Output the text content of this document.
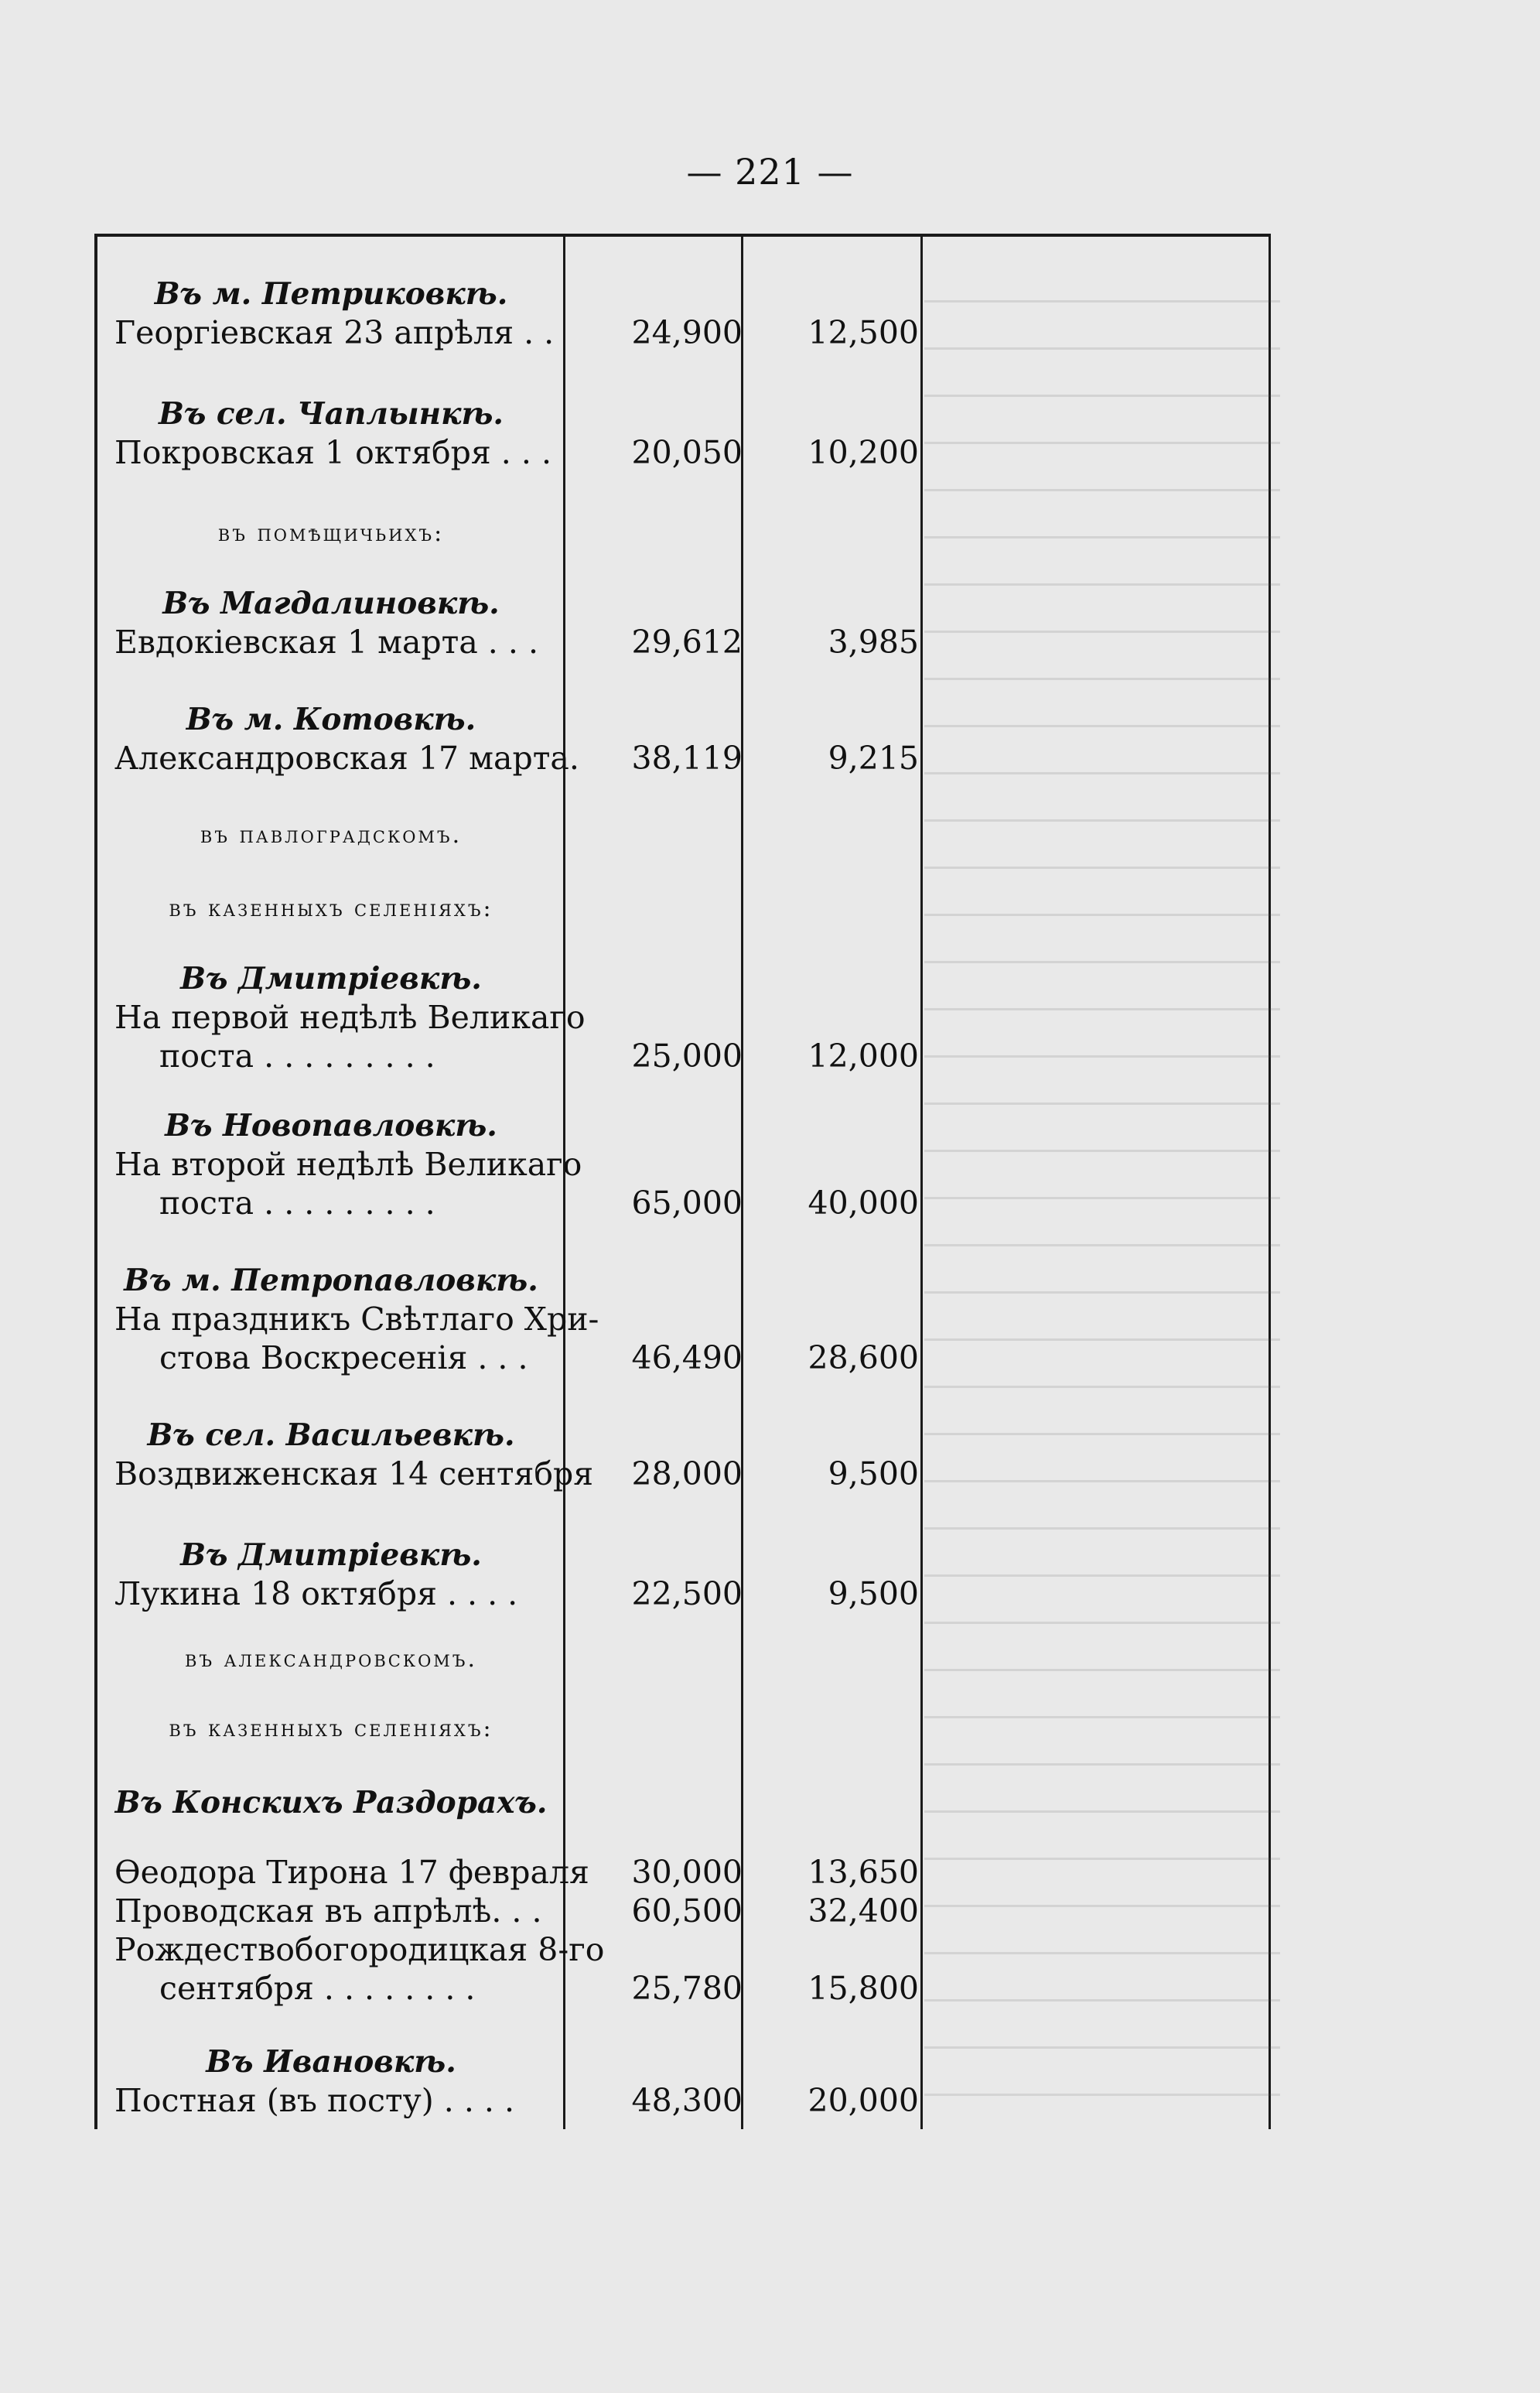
— 221 —
Въ м. Петриковкѣ.
Георгіевская 23 апрѣля . .	24,900	12,500
Въ сел. Чаплынкѣ.
Покровская 1 октября . . .	20,050	10,200
въ помѣщичьихъ:
Въ Магдалиновкѣ.
Евдокіевская 1 марта . . .	29,612	3,985
Въ м. Котовкѣ.
Александровская 17 марта.	38,119	9,215
въ павлоградскомъ.
въ казенныхъ селеніяхъ:
Въ Дмитріевкѣ.
На первой недѣлѣ Великаго
поста . . . . . . . . .	25,000	12,000
Въ Новопавловкѣ.
На второй недѣлѣ Великаго
поста . . . . . . . . .	65,000	40,000
Въ м. Петропавловкѣ.
На праздникъ Свѣтлаго Хри-
стова Воскресенія . . .	46,490	28,600
Въ сел. Васильевкѣ.
Воздвиженская 14 сентября	28,000	9,500
Въ Дмитріевкѣ.
Лукина 18 октября . . . .	22,500	9,500
въ александровскомъ.
въ казенныхъ селеніяхъ:
Въ Конскихъ Раздорахъ.
Ѳеодора Тирона 17 февраля	30,000	13,650
Проводская въ апрѣлѣ. . .	60,500	32,400
Рождествобогородицкая 8-го
сентября . . . . . . . .	25,780	15,800
Въ Ивановкѣ.
Постная (въ посту) . . . .	48,300	20,000
